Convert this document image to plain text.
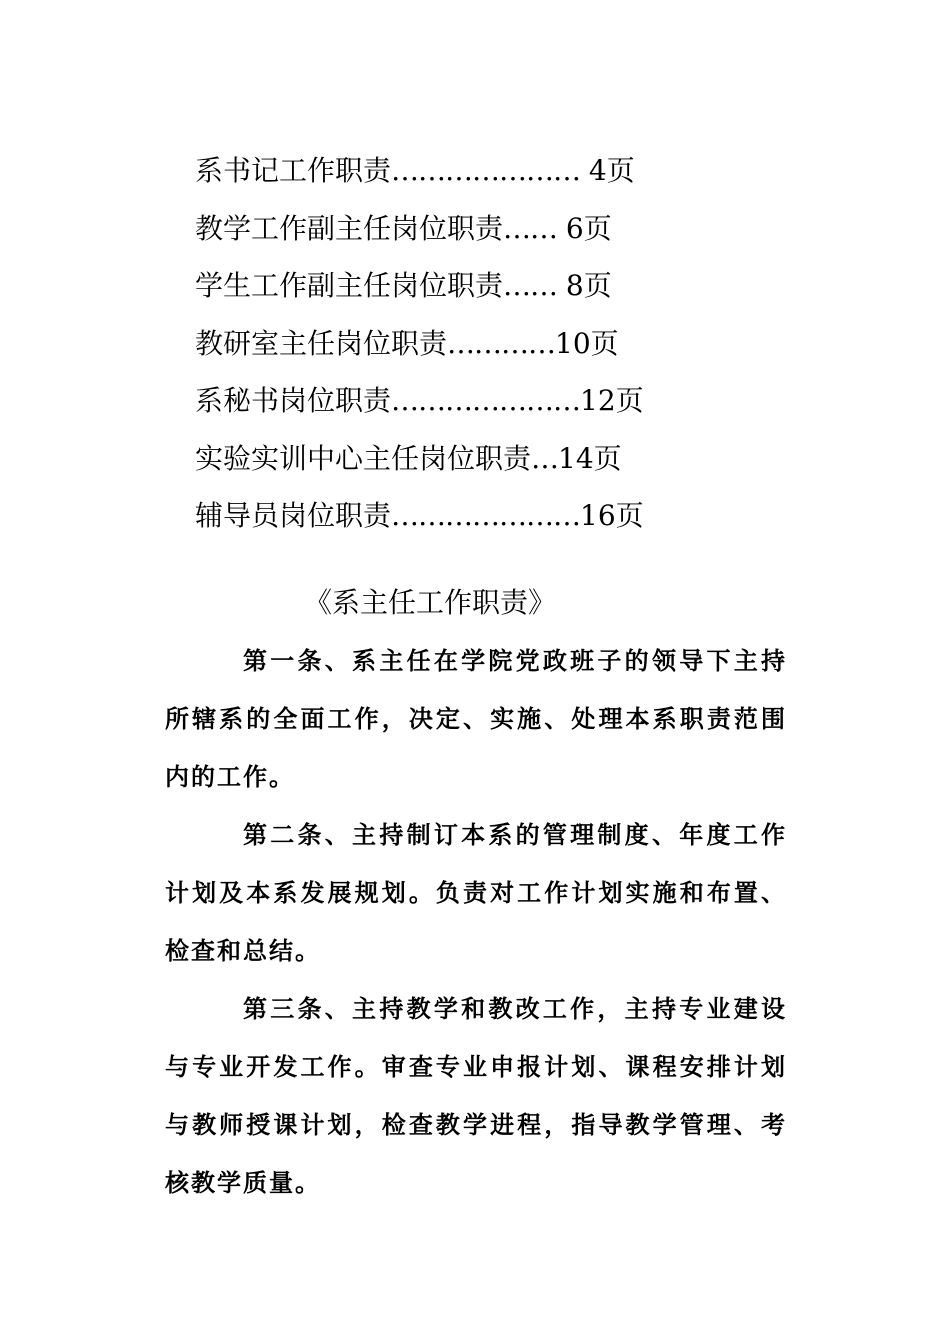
系书记工作职责………………… 4页
教学工作副主任岗位职责…… 6页
学生工作副主任岗位职责…… 8页
教研室主任岗位职责…………10页
系秘书岗位职责…………………12页
实验实训中心主任岗位职责…14页
辅导员岗位职责…………………16页
《系主任工作职责》

第一条、系主任在学院党政班子的领导下主持所辖系的全面工作，决定、实施、处理本系职责范围内的工作。

第二条、主持制订本系的管理制度、年度工作计划及本系发展规划。负责对工作计划实施和布置、检查和总结。

第三条、主持教学和教改工作，主持专业建设与专业开发工作。审查专业申报计划、课程安排计划与教师授课计划，检查教学进程，指导教学管理、考核教学质量。
